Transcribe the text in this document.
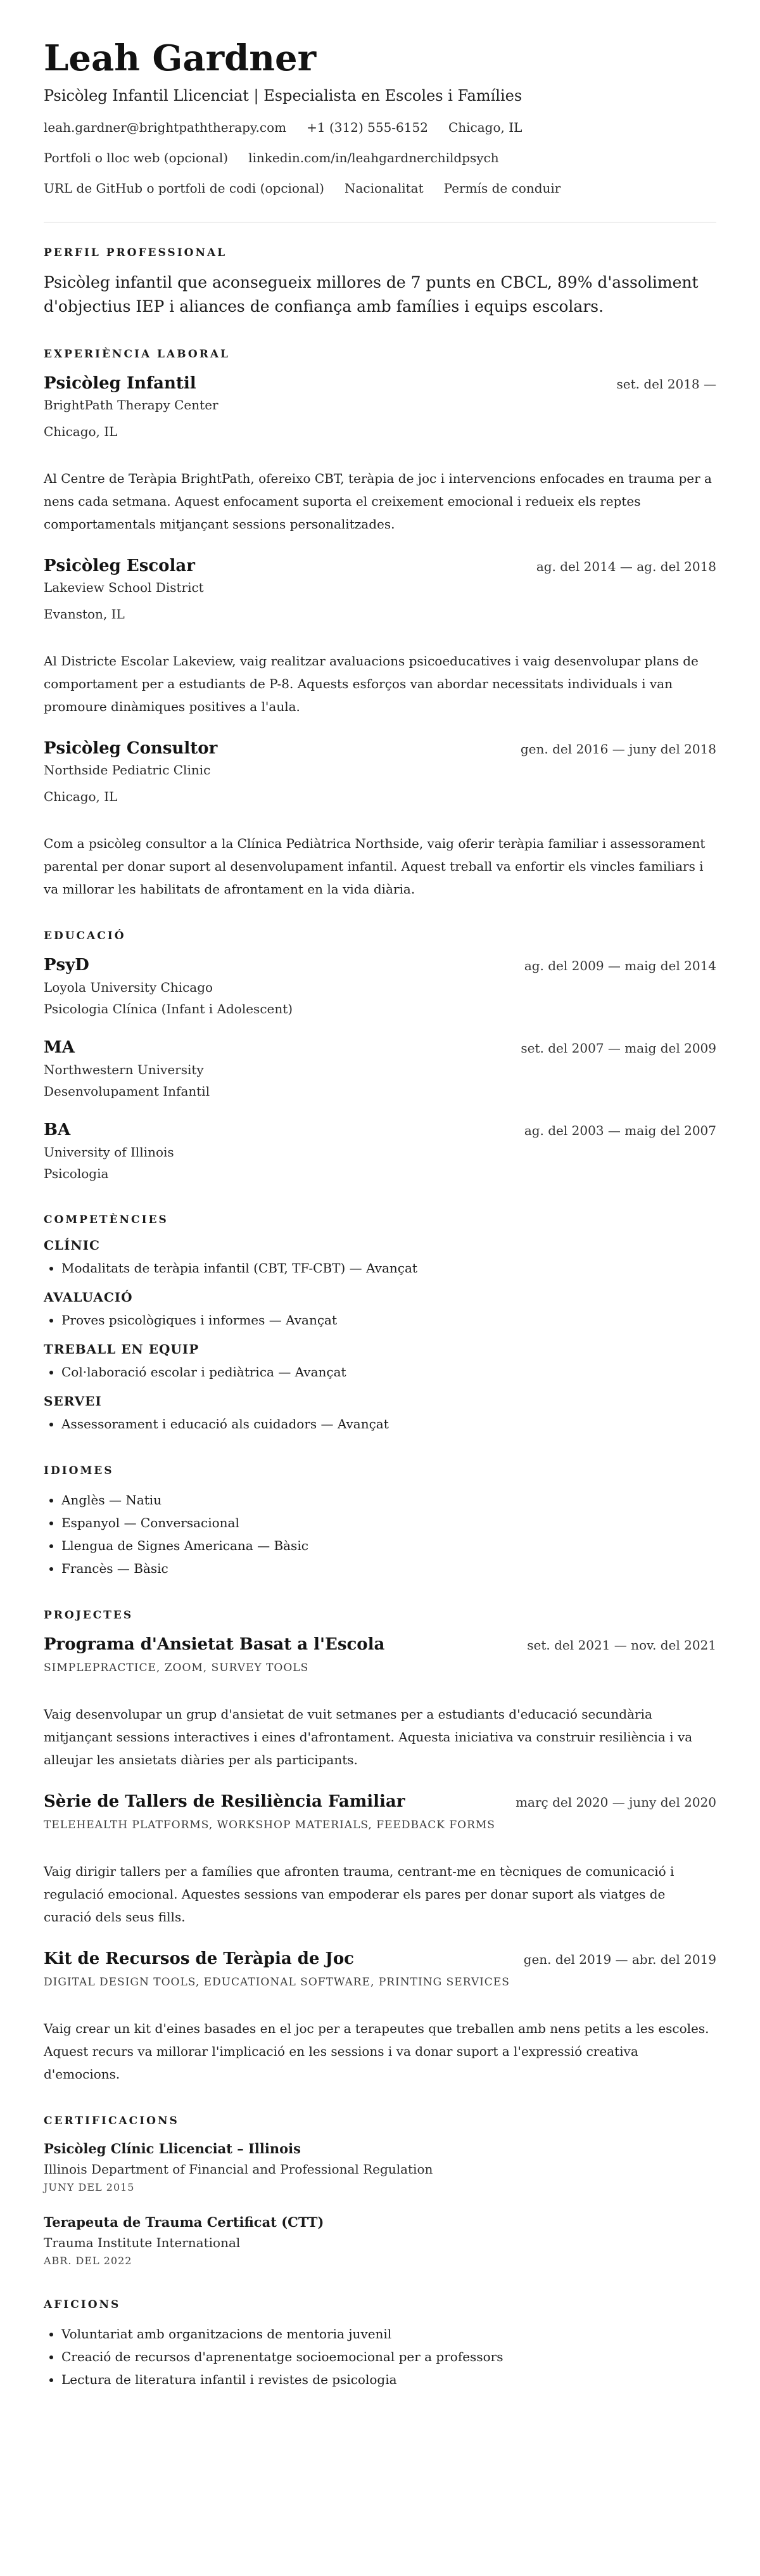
Leah Gardner
Psicòleg Infantil Llicenciat | Especialista en Escoles i Famílies
leah.gardner@brightpaththerapy.com +1 (312) 555-6152 Chicago, IL
Portfoli o lloc web (opcional) linkedin.com/in/leahgardnerchildpsych
URL de GitHub o portfoli de codi (opcional) Nacionalitat Permís de conduir
PERFIL PROFESSIONAL

Psicòleg infantil que aconsegueix millores de 7 punts en CBCL, 89% d'assoliment d'objectius IEP i aliances de confiança amb famílies i equips escolars.

EXPERIÈNCIA LABORAL
Psicòleg Infantil	set. del 2018 —
BrightPath Therapy Center
Chicago, IL

Al Centre de Teràpia BrightPath, ofereixo CBT, teràpia de joc i intervencions enfocades en trauma per a nens cada setmana. Aquest enfocament suporta el creixement emocional i redueix els reptes comportamentals mitjançant sessions personalitzades.

Psicòleg Escolar	ag. del 2014 — ag. del 2018
Lakeview School District
Evanston, IL

Al Districte Escolar Lakeview, vaig realitzar avaluacions psicoeducatives i vaig desenvolupar plans de comportament per a estudiants de P-8. Aquests esforços van abordar necessitats individuals i van promoure dinàmiques positives a l'aula.

Psicòleg Consultor	gen. del 2016 — juny del 2018
Northside Pediatric Clinic
Chicago, IL

Com a psicòleg consultor a la Clínica Pediàtrica Northside, vaig oferir teràpia familiar i assessorament parental per donar suport al desenvolupament infantil. Aquest treball va enfortir els vincles familiars i va millorar les habilitats de afrontament en la vida diària.

EDUCACIÓ
PsyD	ag. del 2009 — maig del 2014
Loyola University Chicago
Psicologia Clínica (Infant i Adolescent)
MA	set. del 2007 — maig del 2009
Northwestern University
Desenvolupament Infantil
BA	ag. del 2003 — maig del 2007
University of Illinois
Psicologia
COMPETÈNCIES
CLÍNIC
• Modalitats de teràpia infantil (CBT, TF-CBT) — Avançat
AVALUACIÓ
• Proves psicològiques i informes — Avançat
TREBALL EN EQUIP
• Col·laboració escolar i pediàtrica — Avançat
SERVEI
• Assessorament i educació als cuidadors — Avançat
IDIOMES
• Anglès — Natiu
• Espanyol — Conversacional
• Llengua de Signes Americana — Bàsic
• Francès — Bàsic
PROJECTES
Programa d'Ansietat Basat a l'Escola	set. del 2021 — nov. del 2021
SIMPLEPRACTICE, ZOOM, SURVEY TOOLS

Vaig desenvolupar un grup d'ansietat de vuit setmanes per a estudiants d'educació secundària mitjançant sessions interactives i eines d'afrontament. Aquesta iniciativa va construir resiliència i va alleujar les ansietats diàries per als participants.

Sèrie de Tallers de Resiliència Familiar	març del 2020 — juny del 2020
TELEHEALTH PLATFORMS, WORKSHOP MATERIALS, FEEDBACK FORMS

Vaig dirigir tallers per a famílies que afronten trauma, centrant-me en tècniques de comunicació i regulació emocional. Aquestes sessions van empoderar els pares per donar suport als viatges de curació dels seus fills.

Kit de Recursos de Teràpia de Joc	gen. del 2019 — abr. del 2019
DIGITAL DESIGN TOOLS, EDUCATIONAL SOFTWARE, PRINTING SERVICES

Vaig crear un kit d'eines basades en el joc per a terapeutes que treballen amb nens petits a les escoles. Aquest recurs va millorar l'implicació en les sessions i va donar suport a l'expressió creativa d'emocions.

CERTIFICACIONS
Psicòleg Clínic Llicenciat – Illinois
Illinois Department of Financial and Professional Regulation
JUNY DEL 2015
Terapeuta de Trauma Certificat (CTT)
Trauma Institute International
ABR. DEL 2022
AFICIONS
• Voluntariat amb organitzacions de mentoria juvenil
• Creació de recursos d'aprenentatge socioemocional per a professors
• Lectura de literatura infantil i revistes de psicologia
